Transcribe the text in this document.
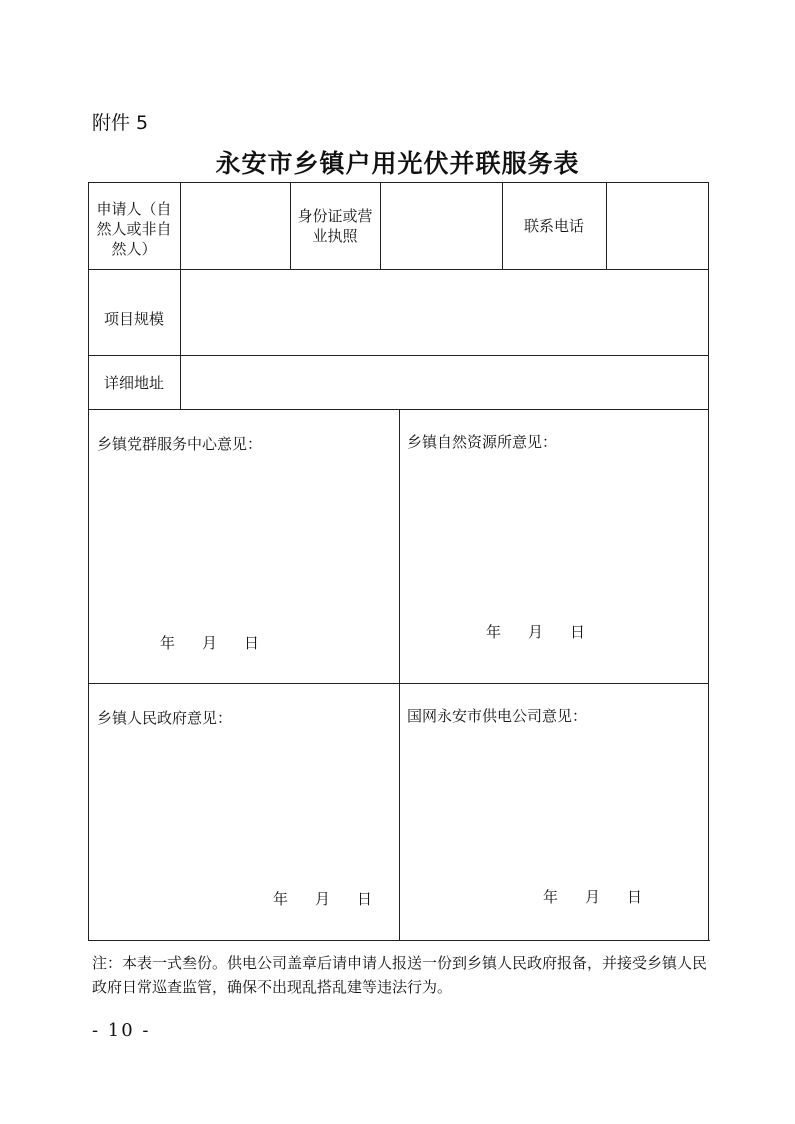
附件 5
永安市乡镇户用光伏并联服务表
申请人（自然人或非自然人）
身份证或营业执照
联系电话
项目规模
详细地址
乡镇党群服务中心意见：
年 月 日
乡镇自然资源所意见：
年 月 日
乡镇人民政府意见：
年 月 日
国网永安市供电公司意见：
年 月 日
注：本表一式叁份。供电公司盖章后请申请人报送一份到乡镇人民政府报备，并接受乡镇人民政府日常巡查监管，确保不出现乱搭乱建等违法行为。
- 10 -
